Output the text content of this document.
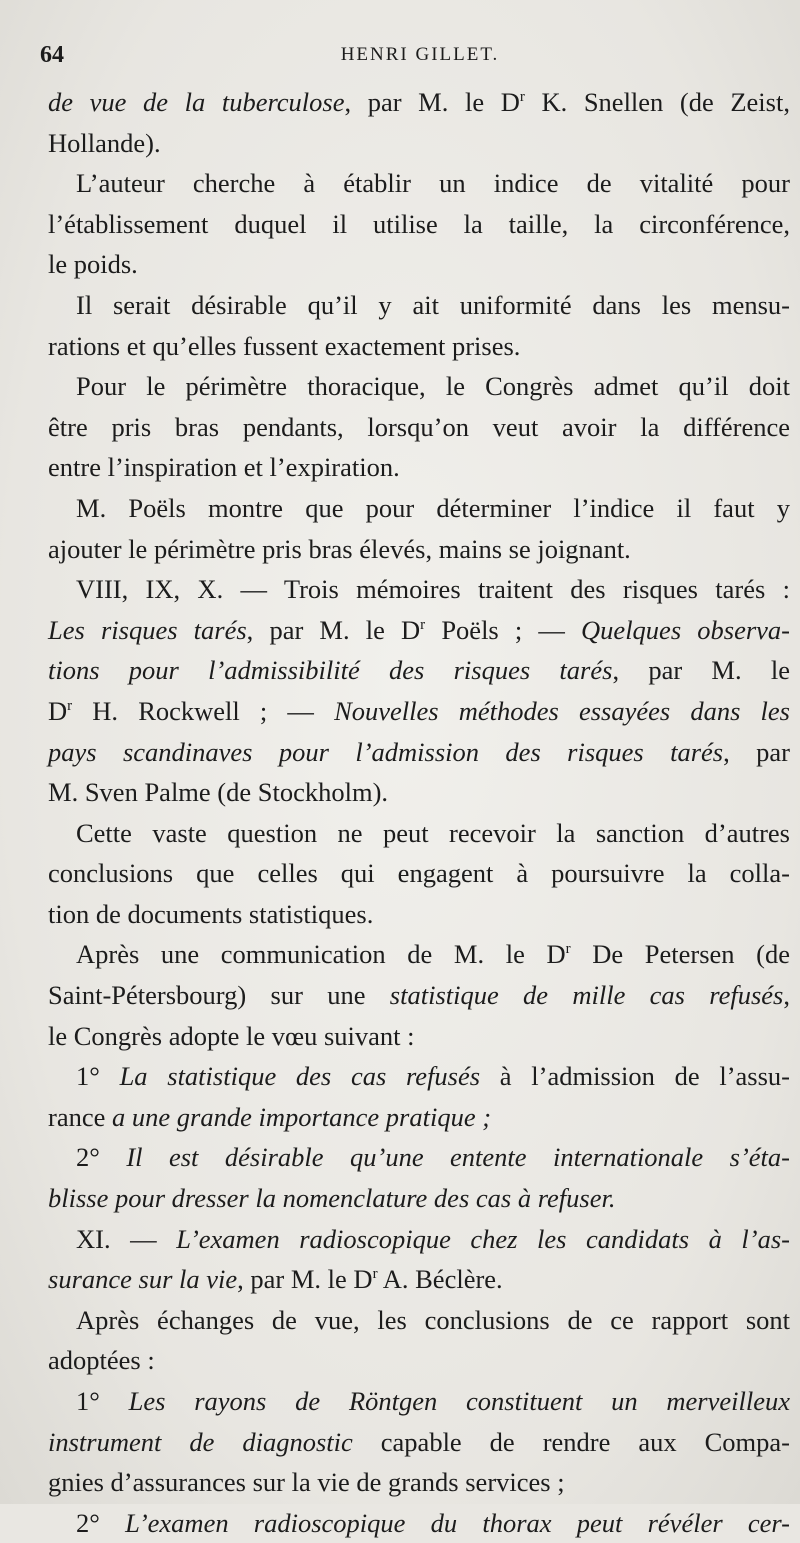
64	HENRI GILLET.
de vue de la tuberculose, par M. le $D^r$ K. Snellen (de Zeist,
Hollande).
L’auteur cherche à établir un indice de vitalité pour
l’établissement duquel il utilise la taille, la circonférence,
le poids.
Il serait désirable qu’il y ait uniformité dans les mensu-
rations et qu’elles fussent exactement prises.
Pour le périmètre thoracique, le Congrès admet qu’il doit
être pris bras pendants, lorsqu’on veut avoir la différence
entre l’inspiration et l’expiration.
M. Poëls montre que pour déterminer l’indice il faut y
ajouter le périmètre pris bras élevés, mains se joignant.
VIII, IX, X. — Trois mémoires traitent des risques tarés :
Les risques tarés, par M. le $D^r$ Poëls ; — Quelques observa-
tions pour l’admissibilité des risques tarés, par M. le
$D^r$ H. Rockwell ; — Nouvelles méthodes essayées dans les
pays scandinaves pour l’admission des risques tarés, par
M. Sven Palme (de Stockholm).
Cette vaste question ne peut recevoir la sanction d’autres
conclusions que celles qui engagent à poursuivre la colla-
tion de documents statistiques.
Après une communication de M. le $D^r$ De Petersen (de
Saint-Pétersbourg) sur une statistique de mille cas refusés,
le Congrès adopte le vœu suivant :
1° La statistique des cas refusés à l’admission de l’assu-
rance a une grande importance pratique ;
2° Il est désirable qu’une entente internationale s’éta-
blisse pour dresser la nomenclature des cas à refuser.
XI. — L’examen radioscopique chez les candidats à l’as-
surance sur la vie, par M. le $D^r$ A. Béclère.
Après échanges de vue, les conclusions de ce rapport sont
adoptées :
1° Les rayons de Röntgen constituent un merveilleux
instrument de diagnostic capable de rendre aux Compa-
gnies d’assurances sur la vie de grands services ;
2° L’examen radioscopique du thorax peut révéler cer-
